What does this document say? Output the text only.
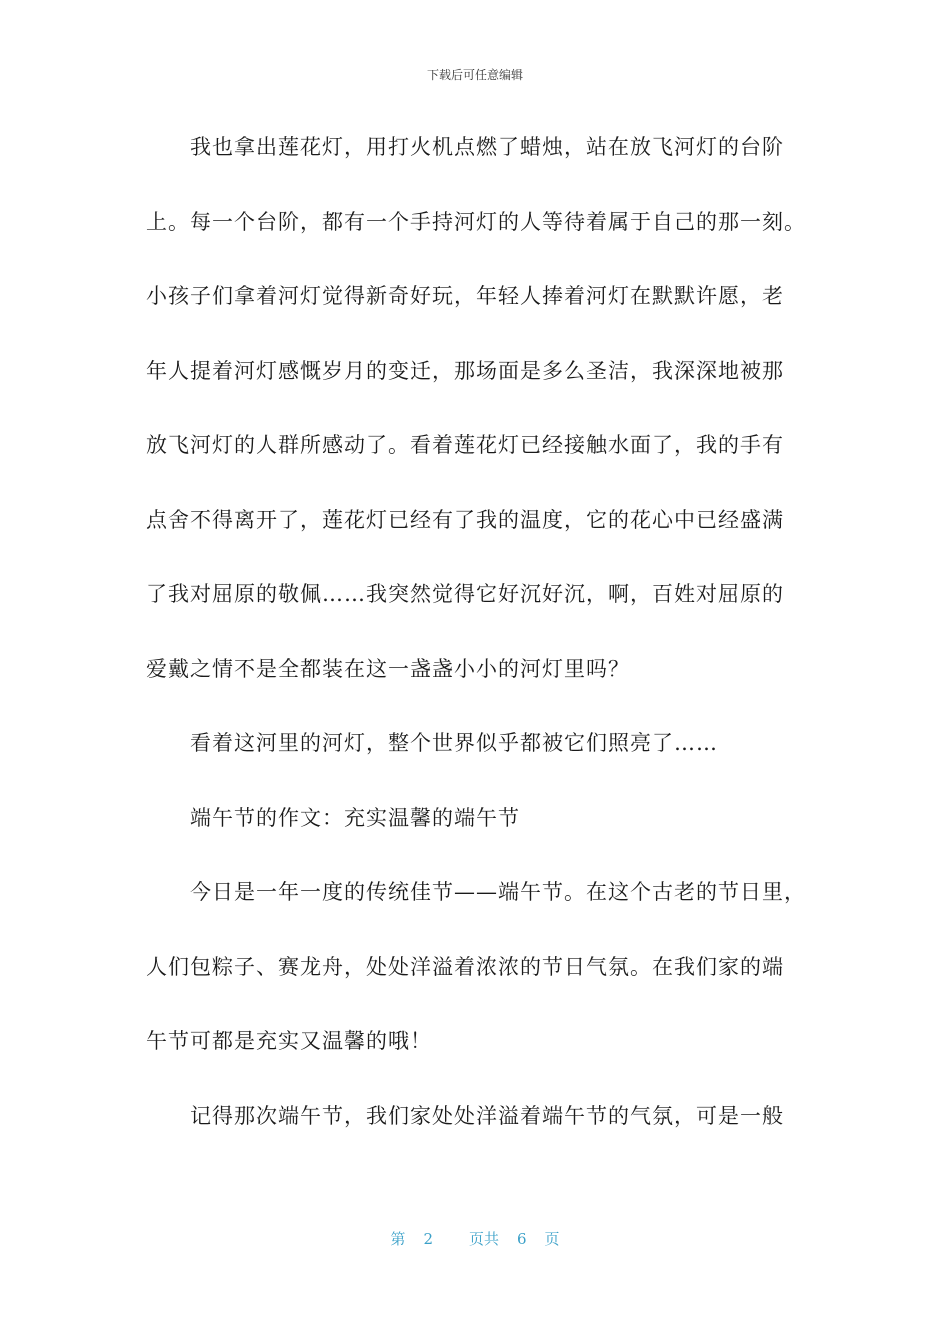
下载后可任意编辑
我也拿出莲花灯，用打火机点燃了蜡烛，站在放飞河灯的台阶
上。每一个台阶，都有一个手持河灯的人等待着属于自己的那一刻。
小孩子们拿着河灯觉得新奇好玩，年轻人捧着河灯在默默许愿，老
年人提着河灯感慨岁月的变迁，那场面是多么圣洁，我深深地被那
放飞河灯的人群所感动了。看着莲花灯已经接触水面了，我的手有
点舍不得离开了，莲花灯已经有了我的温度，它的花心中已经盛满
了我对屈原的敬佩……我突然觉得它好沉好沉，啊，百姓对屈原的
爱戴之情不是全都装在这一盏盏小小的河灯里吗？
看着这河里的河灯，整个世界似乎都被它们照亮了……
端午节的作文：充实温馨的端午节
今日是一年一度的传统佳节——端午节。在这个古老的节日里，
人们包粽子、赛龙舟，处处洋溢着浓浓的节日气氛。在我们家的端
午节可都是充实又温馨的哦！
记得那次端午节，我们家处处洋溢着端午节的气氛，可是一般
第 2 页共 6 页
